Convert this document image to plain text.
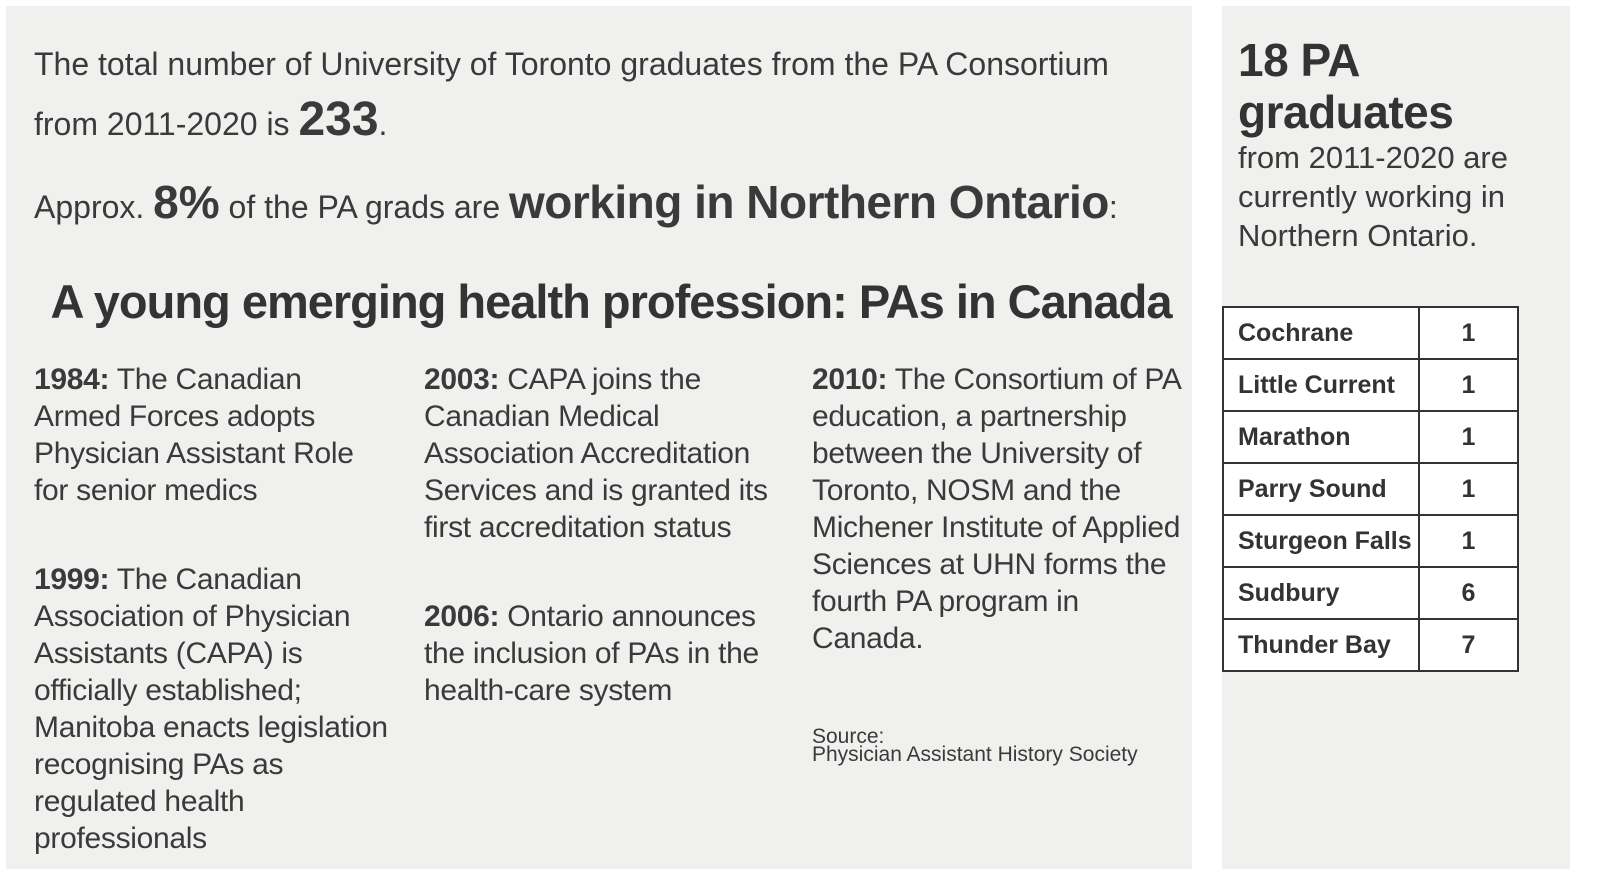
The total number of University of Toronto graduates from the PA Consortium from 2011-2020 is 233.

Approx. 8% of the PA grads are working in Northern Ontario:

A young emerging health profession: PAs in Canada

1984: The Canadian Armed Forces adopts Physician Assistant Role for senior medics

1999: The Canadian Association of Physician Assistants (CAPA) is officially established; Manitoba enacts legislation recognising PAs as regulated health professionals

2003: CAPA joins the Canadian Medical Association Accreditation Services and is granted its first accreditation status

2006: Ontario announces the inclusion of PAs in the health-care system

2010: The Consortium of PA education, a partnership between the University of Toronto, NOSM and the Michener Institute of Applied Sciences at UHN forms the fourth PA program in Canada.

Source:
Physician Assistant History Society

18 PA graduates
from 2011-2020 are currently working in Northern Ontario.

Cochrane	1
Little Current	1
Marathon	1
Parry Sound	1
Sturgeon Falls	1
Sudbury	6
Thunder Bay	7
